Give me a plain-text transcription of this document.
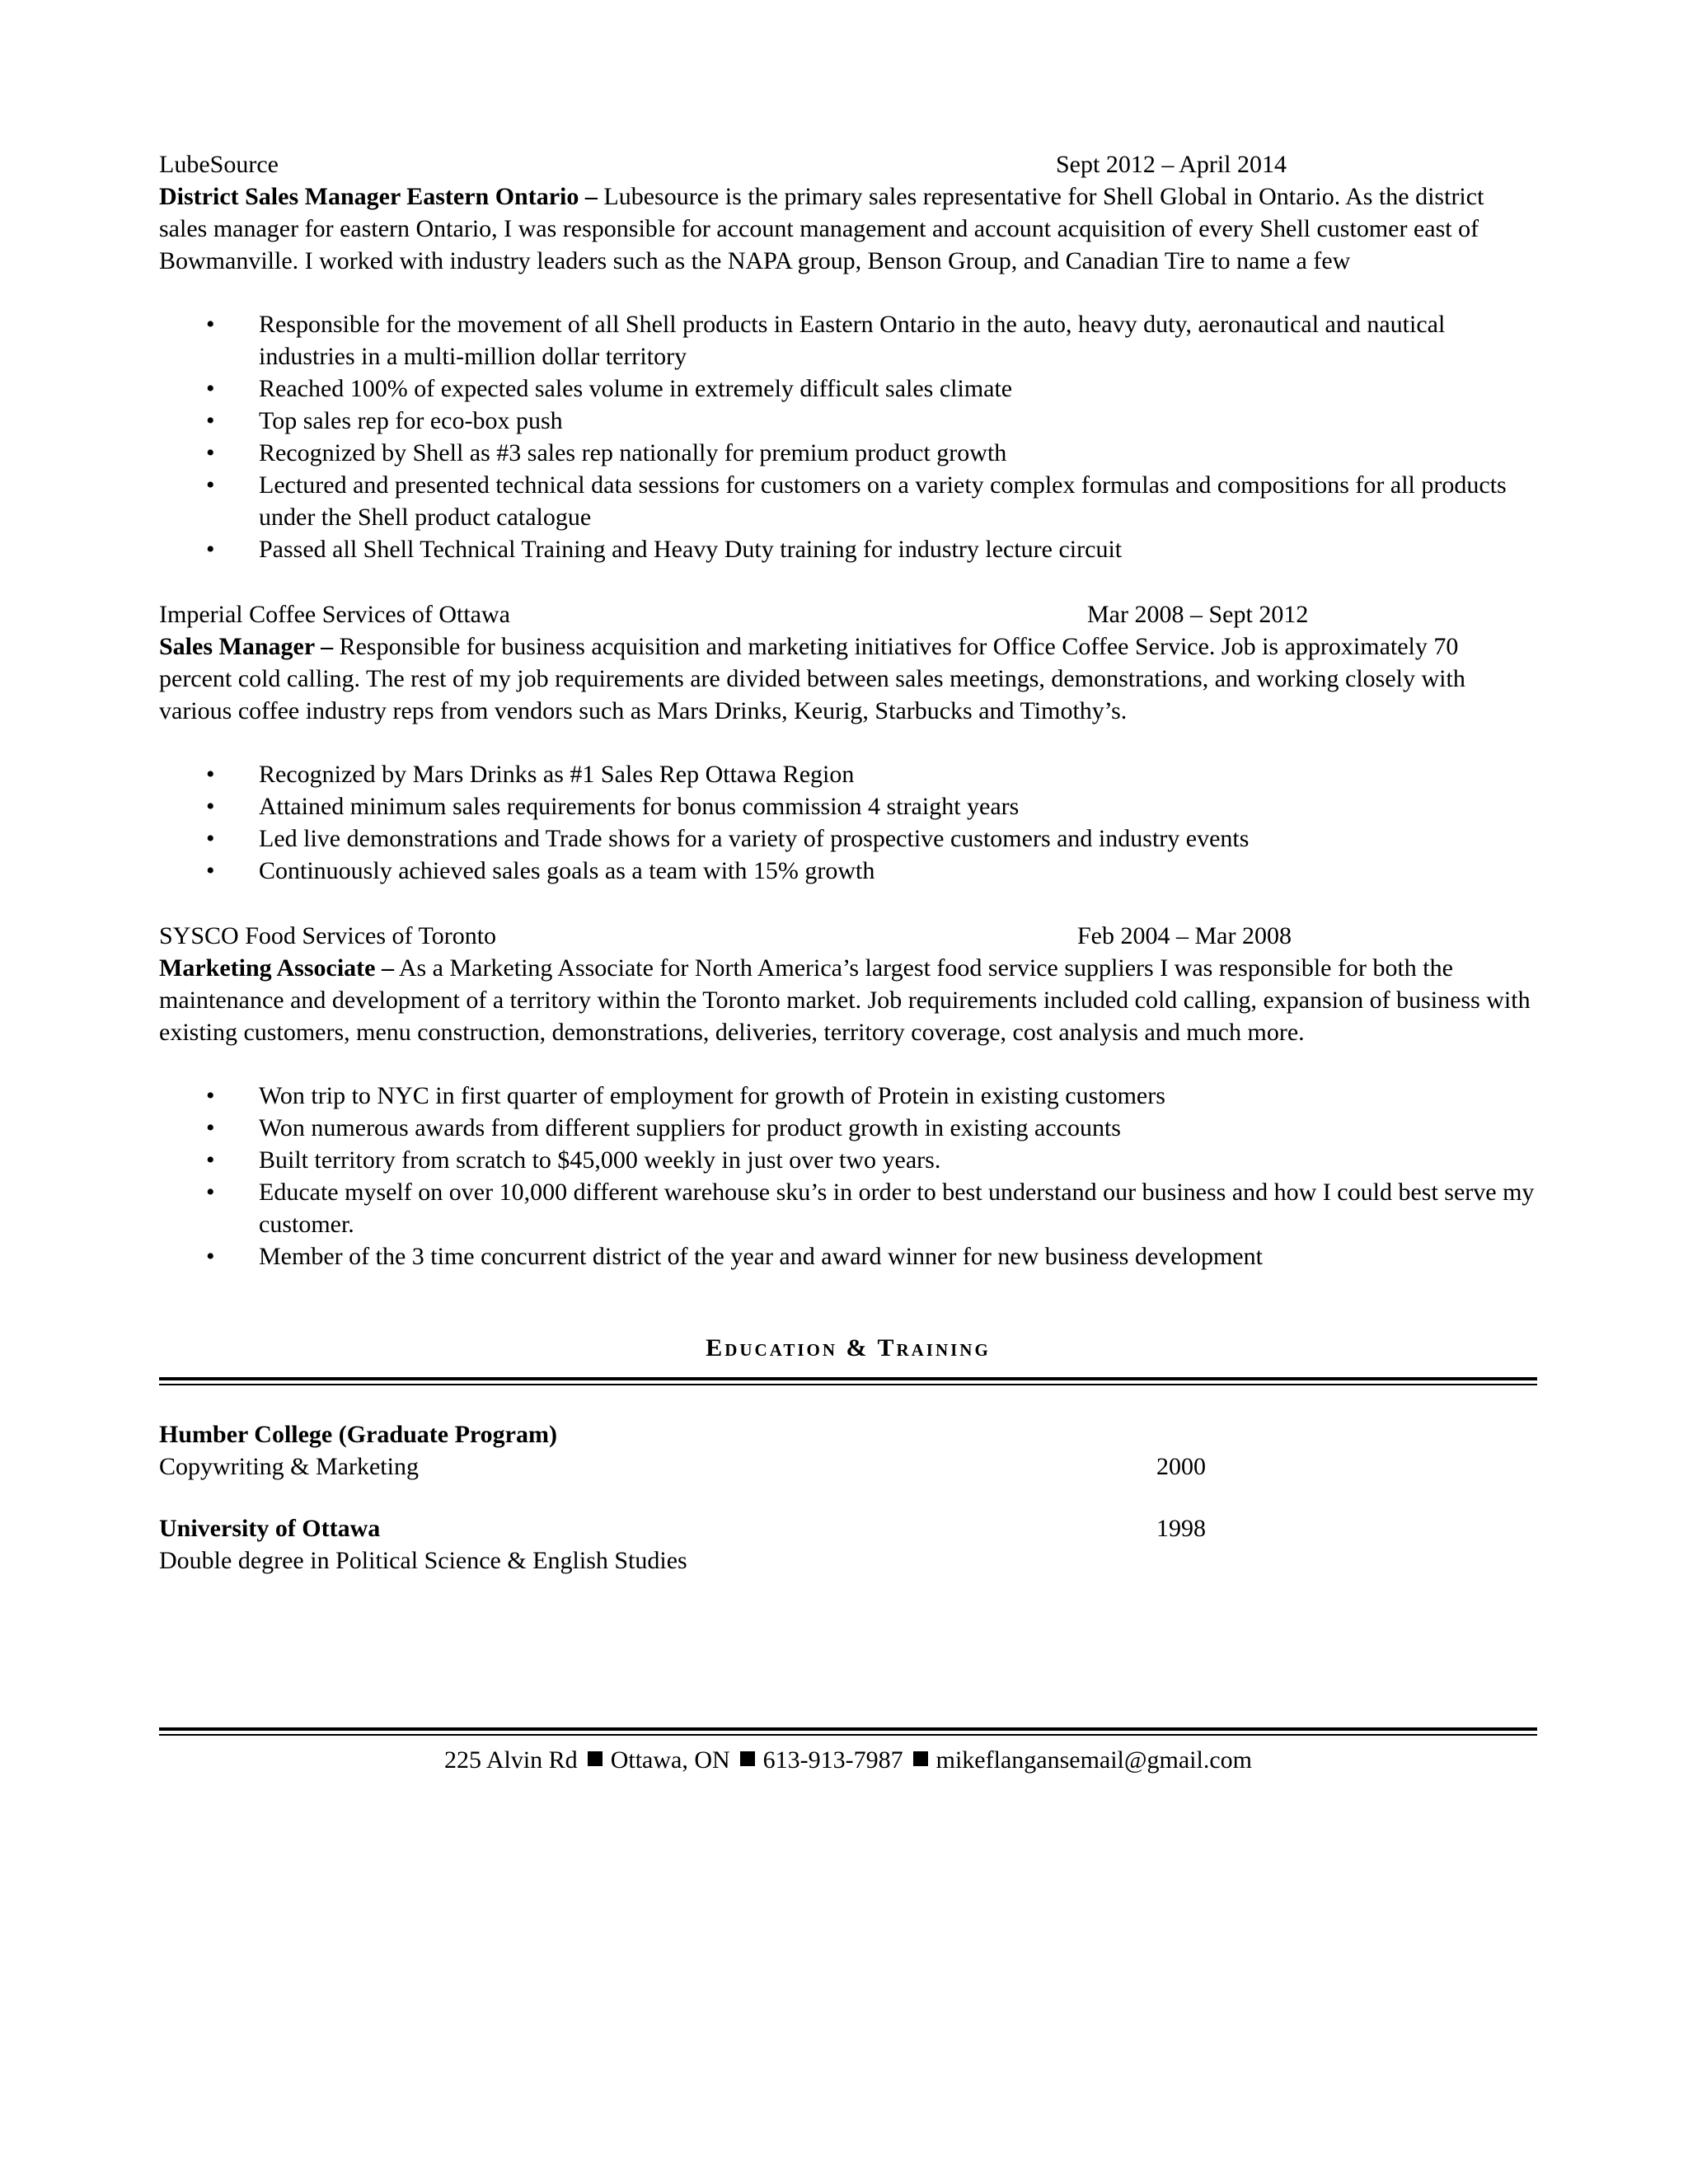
LubeSource	Sept 2012 – April 2014

District Sales Manager Eastern Ontario – Lubesource is the primary sales representative for Shell Global in Ontario. As the district sales manager for eastern Ontario, I was responsible for account management and account acquisition of every Shell customer east of Bowmanville. I worked with industry leaders such as the NAPA group, Benson Group, and Canadian Tire to name a few

• Responsible for the movement of all Shell products in Eastern Ontario in the auto, heavy duty, aeronautical and nautical industries in a multi-million dollar territory
• Reached 100% of expected sales volume in extremely difficult sales climate
• Top sales rep for eco-box push
• Recognized by Shell as #3 sales rep nationally for premium product growth
• Lectured and presented technical data sessions for customers on a variety complex formulas and compositions for all products under the Shell product catalogue
• Passed all Shell Technical Training and Heavy Duty training for industry lecture circuit
Imperial Coffee Services of Ottawa	Mar 2008 – Sept 2012

Sales Manager – Responsible for business acquisition and marketing initiatives for Office Coffee Service. Job is approximately 70 percent cold calling. The rest of my job requirements are divided between sales meetings, demonstrations, and working closely with various coffee industry reps from vendors such as Mars Drinks, Keurig, Starbucks and Timothy’s.

• Recognized by Mars Drinks as #1 Sales Rep Ottawa Region
• Attained minimum sales requirements for bonus commission 4 straight years
• Led live demonstrations and Trade shows for a variety of prospective customers and industry events
• Continuously achieved sales goals as a team with 15% growth
SYSCO Food Services of Toronto	Feb 2004 – Mar 2008

Marketing Associate – As a Marketing Associate for North America’s largest food service suppliers I was responsible for both the maintenance and development of a territory within the Toronto market. Job requirements included cold calling, expansion of business with existing customers, menu construction, demonstrations, deliveries, territory coverage, cost analysis and much more.

• Won trip to NYC in first quarter of employment for growth of Protein in existing customers
• Won numerous awards from different suppliers for product growth in existing accounts
• Built territory from scratch to $45,000 weekly in just over two years.
• Educate myself on over 10,000 different warehouse sku’s in order to best understand our business and how I could best serve my customer.
• Member of the 3 time concurrent district of the year and award winner for new business development
Education & Training
Humber College (Graduate Program)
Copywriting & Marketing	2000
University of Ottawa	1998
Double degree in Political Science & English Studies
225 Alvin Rd Ottawa, ON 613-913-7987 mikeflangansemail@gmail.com
